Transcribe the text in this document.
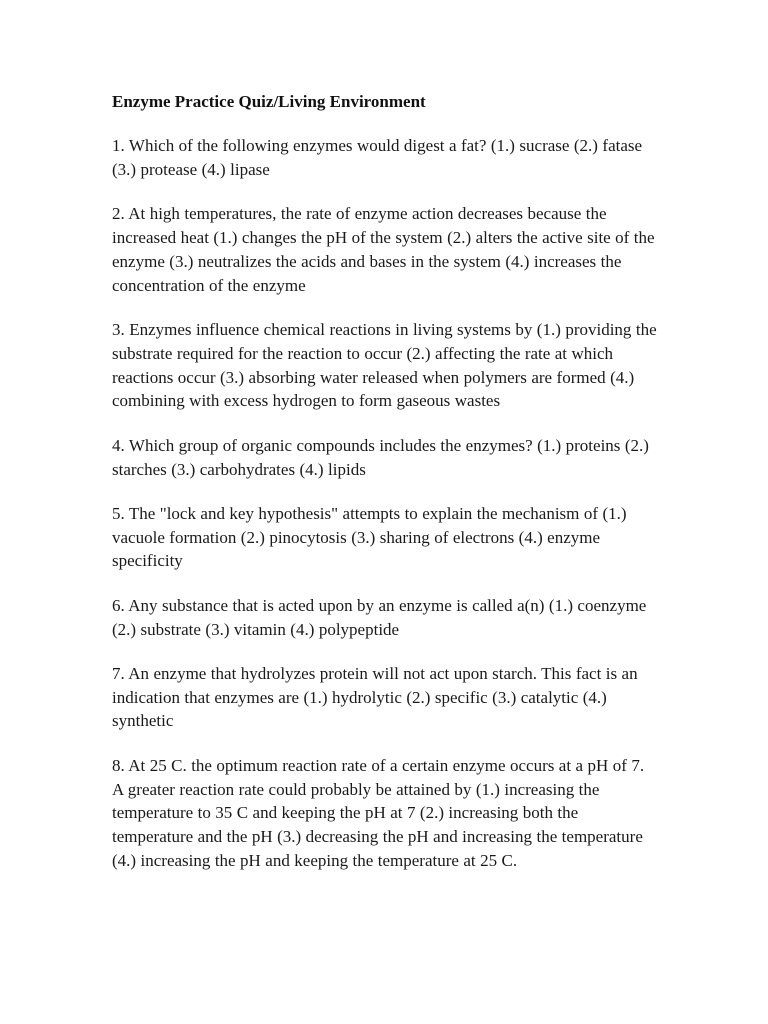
Enzyme Practice Quiz/Living Environment

1. Which of the following enzymes would digest a fat? (1.) sucrase (2.) fatase (3.) protease (4.) lipase

2. At high temperatures, the rate of enzyme action decreases because the increased heat (1.) changes the pH of the system (2.) alters the active site of the enzyme (3.) neutralizes the acids and bases in the system (4.) increases the concentration of the enzyme

3. Enzymes influence chemical reactions in living systems by (1.) providing the substrate required for the reaction to occur (2.) affecting the rate at which reactions occur (3.) absorbing water released when polymers are formed (4.) combining with excess hydrogen to form gaseous wastes

4. Which group of organic compounds includes the enzymes? (1.) proteins (2.) starches (3.) carbohydrates (4.) lipids

5. The "lock and key hypothesis" attempts to explain the mechanism of (1.) vacuole formation (2.) pinocytosis (3.) sharing of electrons (4.) enzyme specificity

6. Any substance that is acted upon by an enzyme is called a(n) (1.) coenzyme (2.) substrate (3.) vitamin (4.) polypeptide

7. An enzyme that hydrolyzes protein will not act upon starch. This fact is an indication that enzymes are (1.) hydrolytic (2.) specific (3.) catalytic (4.) synthetic

8. At 25 C. the optimum reaction rate of a certain enzyme occurs at a pH of 7. A greater reaction rate could probably be attained by (1.) increasing the temperature to 35 C and keeping the pH at 7 (2.) increasing both the temperature and the pH (3.) decreasing the pH and increasing the temperature (4.) increasing the pH and keeping the temperature at 25 C.
